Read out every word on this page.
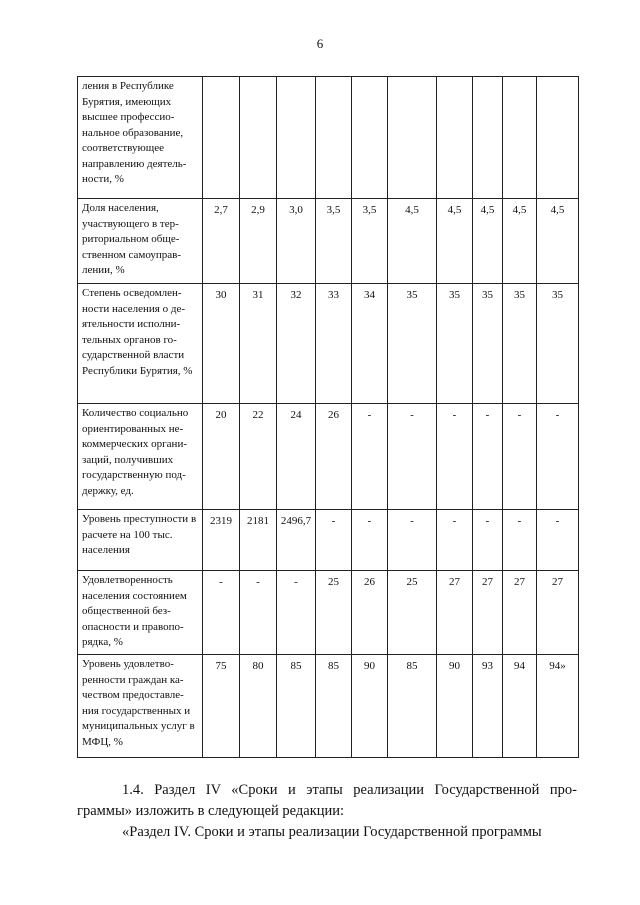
6
ления в Республике Бурятия, имеющих высшее профессио-нальное образование, соответствующее направлению деятель-ности, %										
Доля населения, участвующего в тер-риториальном обще-ственном самоуправ-лении, %	2,7	2,9	3,0	3,5	3,5	4,5	4,5	4,5	4,5	4,5
Степень осведомлен-ности населения о де-ятельности исполни-тельных органов го-сударственной власти Республики Бурятия, %	30	31	32	33	34	35	35	35	35	35
Количество социально ориентированных не-коммерческих органи-заций, получивших государственную под-держку, ед.	20	22	24	26	-	-	-	-	-	-
Уровень преступности в расчете на 100 тыс. населения	2319	2181	2496,7	-	-	-	-	-	-	-
Удовлетворенность населения состоянием общественной без-опасности и правопо-рядка, %	-	-	-	25	26	25	27	27	27	27
Уровень удовлетво-ренности граждан ка-чеством предоставле-ния государственных и муниципальных услуг в МФЦ, %	75	80	85	85	90	85	90	93	94	94»
1.4. Раздел IV «Сроки и этапы реализации Государственной про-граммы» изложить в следующей редакции:
«Раздел IV. Сроки и этапы реализации Государственной программы
